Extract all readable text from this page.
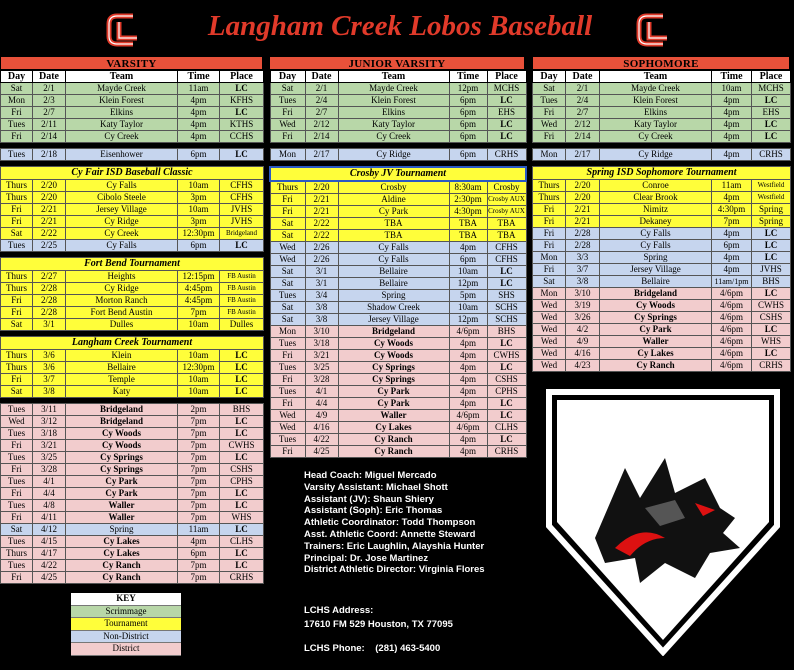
Langham Creek Lobos Baseball
VARSITY
Day	Date	Team	Time	Place
Sat	2/1	Mayde Creek	11am	LC
Mon	2/3	Klein Forest	4pm	KFHS
Fri	2/7	Elkins	4pm	LC
Tues	2/11	Katy Taylor	4pm	KTHS
Fri	2/14	Cy Creek	4pm	CCHS

Tues	2/18	Eisenhower	6pm	LC

Cy Fair ISD Baseball Classic				
Thurs	2/20	Cy Falls	10am	CFHS
Thurs	2/20	Cibolo Steele	3pm	CFHS
Fri	2/21	Jersey Village	10am	JVHS
Fri	2/21	Cy Ridge	3pm	JVHS
Sat	2/22	Cy Creek	12:30pm	Bridgeland
Tues	2/25	Cy Falls	6pm	LC

Fort Bend Tournament				
Thurs	2/27	Heights	12:15pm	FB Austin
Thurs	2/28	Cy Ridge	4:45pm	FB Austin
Fri	2/28	Morton Ranch	4:45pm	FB Austin
Fri	2/28	Fort Bend Austin	7pm	FB Austin
Sat	3/1	Dulles	10am	Dulles

Langham Creek Tournament				
Thurs	3/6	Klein	10am	LC
Thurs	3/6	Bellaire	12:30pm	LC
Fri	3/7	Temple	10am	LC
Sat	3/8	Katy	10am	LC

Tues	3/11	Bridgeland	2pm	BHS
Wed	3/12	Bridgeland	7pm	LC
Tues	3/18	Cy Woods	7pm	LC
Fri	3/21	Cy Woods	7pm	CWHS
Tues	3/25	Cy Springs	7pm	LC
Fri	3/28	Cy Springs	7pm	CSHS
Tues	4/1	Cy Park	7pm	CPHS
Fri	4/4	Cy Park	7pm	LC
Tues	4/8	Waller	7pm	LC
Fri	4/11	Waller	7pm	WHS
Sat	4/12	Spring	11am	LC
Tues	4/15	Cy Lakes	4pm	CLHS
Thurs	4/17	Cy Lakes	6pm	LC
Tues	4/22	Cy Ranch	7pm	LC
Fri	4/25	Cy Ranch	7pm	CRHS
JUNIOR VARSITY
Day	Date	Team	Time	Place
Sat	2/1	Mayde Creek	12pm	MCHS
Tues	2/4	Klein Forest	6pm	LC
Fri	2/7	Elkins	6pm	EHS
Wed	2/12	Katy Taylor	6pm	LC
Fri	2/14	Cy Creek	6pm	LC

Mon	2/17	Cy Ridge	6pm	CRHS

Crosby JV Tournament				
Thurs	2/20	Crosby	8:30am	Crosby
Fri	2/21	Aldine	2:30pm	Crosby AUX
Fri	2/21	Cy Park	4:30pm	Crosby AUX
Sat	2/22	TBA	TBA	TBA
Sat	2/22	TBA	TBA	TBA
Wed	2/26	Cy Falls	4pm	CFHS
Wed	2/26	Cy Falls	6pm	CFHS
Sat	3/1	Bellaire	10am	LC
Sat	3/1	Bellaire	12pm	LC
Tues	3/4	Spring	5pm	SHS
Sat	3/8	Shadow Creek	10am	SCHS
Sat	3/8	Jersey Village	12pm	SCHS
Mon	3/10	Bridgeland	4/6pm	BHS
Tues	3/18	Cy Woods	4pm	LC
Fri	3/21	Cy Woods	4pm	CWHS
Tues	3/25	Cy Springs	4pm	LC
Fri	3/28	Cy Springs	4pm	CSHS
Tues	4/1	Cy Park	4pm	CPHS
Fri	4/4	Cy Park	4pm	LC
Wed	4/9	Waller	4/6pm	LC
Wed	4/16	Cy Lakes	4/6pm	CLHS
Tues	4/22	Cy Ranch	4pm	LC
Fri	4/25	Cy Ranch	4pm	CRHS
SOPHOMORE
Day	Date	Team	Time	Place
Sat	2/1	Mayde Creek	10am	MCHS
Tues	2/4	Klein Forest	4pm	LC
Fri	2/7	Elkins	4pm	EHS
Wed	2/12	Katy Taylor	4pm	LC
Fri	2/14	Cy Creek	4pm	LC

Mon	2/17	Cy Ridge	4pm	CRHS

Spring ISD Sophomore Tournament				
Thurs	2/20	Conroe	11am	Westfield
Thurs	2/20	Clear Brook	4pm	Westfield
Fri	2/21	Nimitz	4:30pm	Spring
Fri	2/21	Dekaney	7pm	Spring
Fri	2/28	Cy Falls	4pm	LC
Fri	2/28	Cy Falls	6pm	LC
Mon	3/3	Spring	4pm	LC
Fri	3/7	Jersey Village	4pm	JVHS
Sat	3/8	Bellaire	11am/1pm	BHS
Mon	3/10	Bridgeland	4/6pm	LC
Wed	3/19	Cy Woods	4/6pm	CWHS
Wed	3/26	Cy Springs	4/6pm	CSHS
Wed	4/2	Cy Park	4/6pm	LC
Wed	4/9	Waller	4/6pm	WHS
Wed	4/16	Cy Lakes	4/6pm	LC
Wed	4/23	Cy Ranch	4/6pm	CRHS
Head Coach: Miguel Mercado
Varsity Assistant: Michael Shott
Assistant (JV): Shaun Shiery
Assistant (Soph): Eric Thomas
Athletic Coordinator: Todd Thompson
Asst. Athletic Coord: Annette Steward
Trainers: Eric Laughlin, Alayshia Hunter
Principal: Dr. Jose Martinez
District Athletic Director: Virginia Flores
LCHS Address:
17610 FM 529 Houston, TX 77095
LCHS Phone: (281) 463-5400
KEY
Scrimmage
Tournament
Non-District
District
